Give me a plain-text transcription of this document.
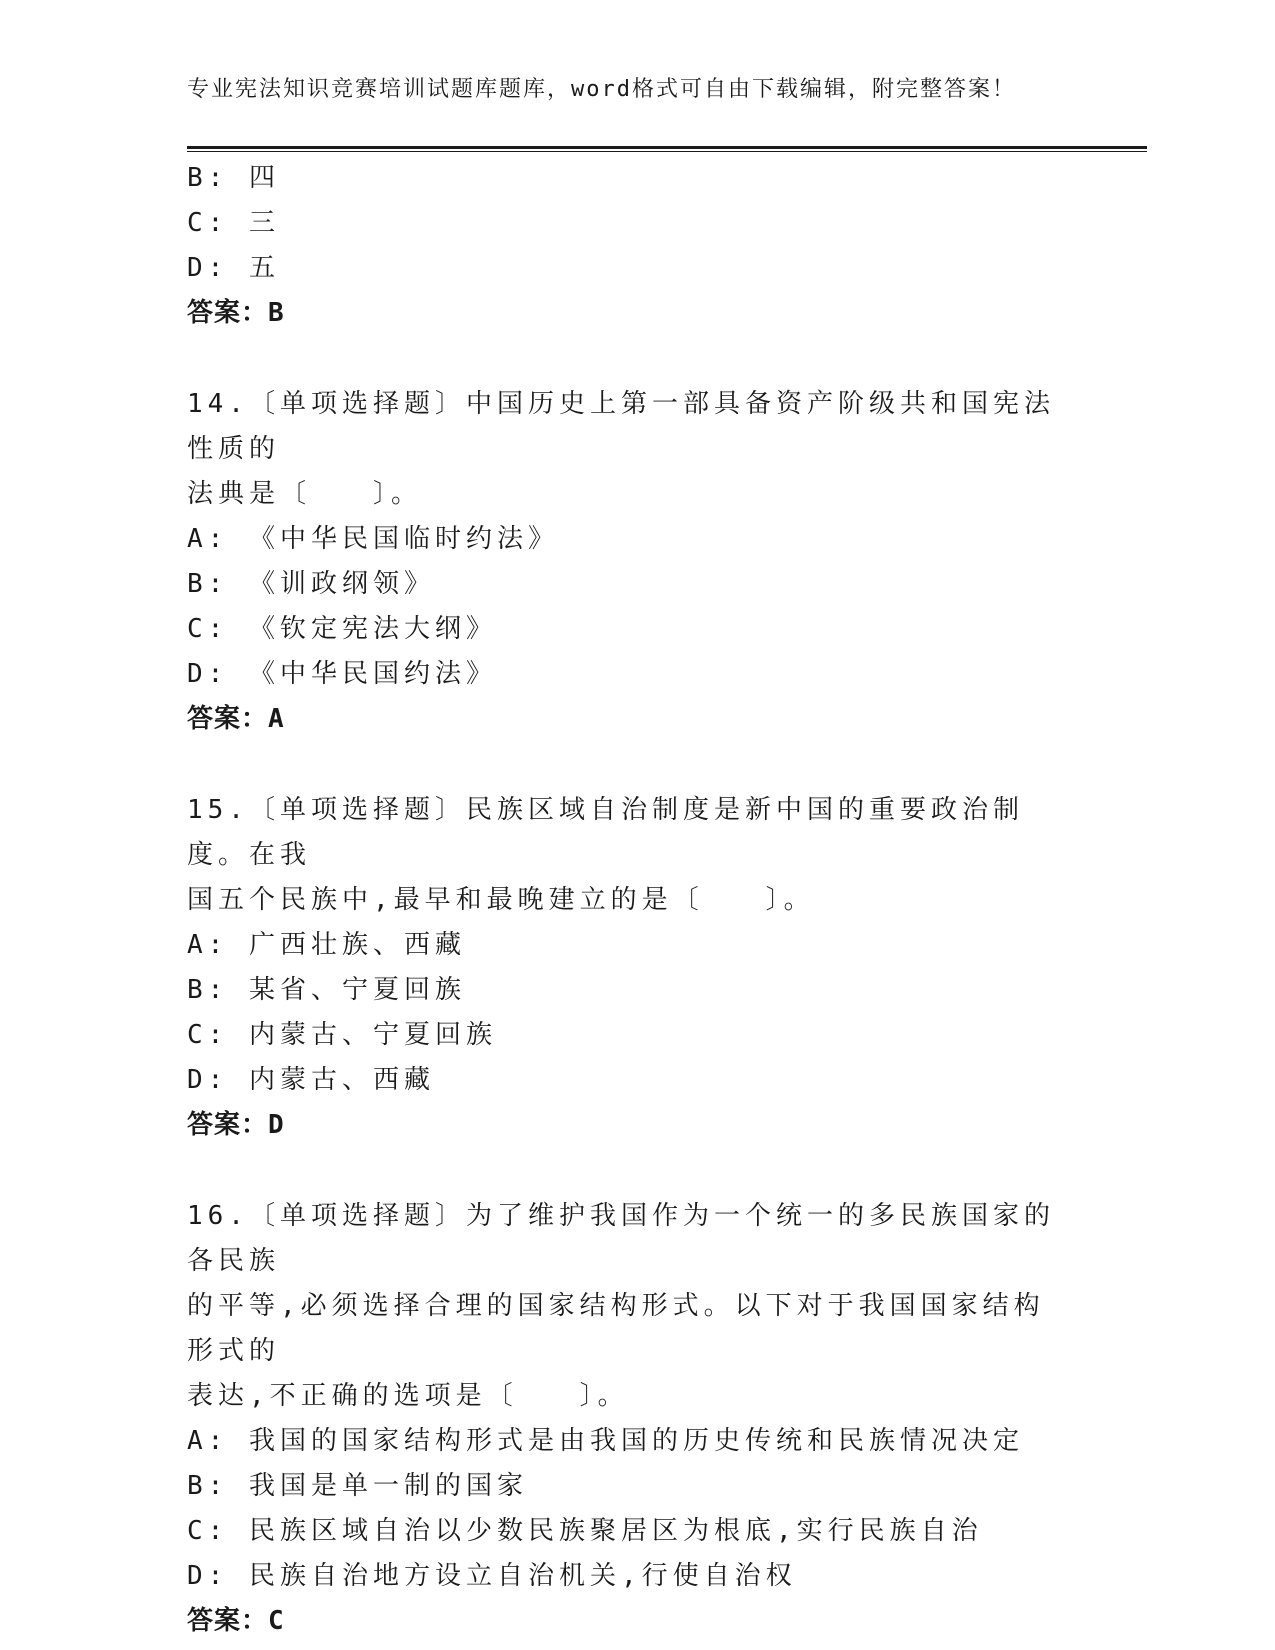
专业宪法知识竞赛培训试题库题库，word格式可自由下载编辑，附完整答案！
B: 四
C: 三
D: 五
答案：B
14.〔单项选择题〕中国历史上第一部具备资产阶级共和国宪法性质的
法典是〔　　〕。
A: 《中华民国临时约法》
B: 《训政纲领》
C: 《钦定宪法大纲》
D: 《中华民国约法》
答案：A
15.〔单项选择题〕民族区域自治制度是新中国的重要政治制度。在我
国五个民族中,最早和最晚建立的是〔　　〕。
A: 广西壮族、西藏
B: 某省、宁夏回族
C: 内蒙古、宁夏回族
D: 内蒙古、西藏
答案：D
16.〔单项选择题〕为了维护我国作为一个统一的多民族国家的各民族
的平等,必须选择合理的国家结构形式。以下对于我国国家结构形式的
表达,不正确的选项是〔　　〕。
A: 我国的国家结构形式是由我国的历史传统和民族情况决定
B: 我国是单一制的国家
C: 民族区域自治以少数民族聚居区为根底,实行民族自治
D: 民族自治地方设立自治机关,行使自治权
答案：C
